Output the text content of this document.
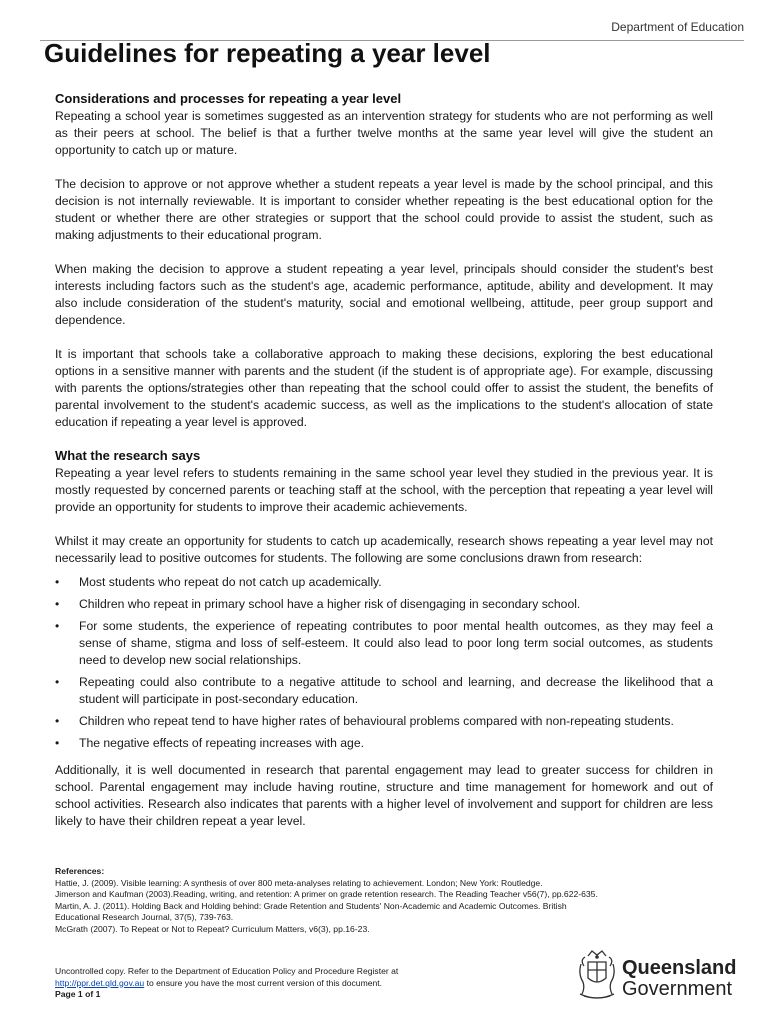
Department of Education
Guidelines for repeating a year level
Considerations and processes for repeating a year level

Repeating a school year is sometimes suggested as an intervention strategy for students who are not performing as well as their peers at school. The belief is that a further twelve months at the same year level will give the student an opportunity to catch up or mature.

The decision to approve or not approve whether a student repeats a year level is made by the school principal, and this decision is not internally reviewable. It is important to consider whether repeating is the best educational option for the student or whether there are other strategies or support that the school could provide to assist the student, such as making adjustments to their educational program.

When making the decision to approve a student repeating a year level, principals should consider the student's best interests including factors such as the student's age, academic performance, aptitude, ability and development. It may also include consideration of the student's maturity, social and emotional wellbeing, attitude, peer group support and dependence.

It is important that schools take a collaborative approach to making these decisions, exploring the best educational options in a sensitive manner with parents and the student (if the student is of appropriate age). For example, discussing with parents the options/strategies other than repeating that the school could offer to assist the student, the benefits of parental involvement to the student's academic success, as well as the implications to the student's allocation of state education if repeating a year level is approved.

What the research says

Repeating a year level refers to students remaining in the same school year level they studied in the previous year. It is mostly requested by concerned parents or teaching staff at the school, with the perception that repeating a year level will provide an opportunity for students to improve their academic achievements.

Whilst it may create an opportunity for students to catch up academically, research shows repeating a year level may not necessarily lead to positive outcomes for students. The following are some conclusions drawn from research:

• Most students who repeat do not catch up academically.
• Children who repeat in primary school have a higher risk of disengaging in secondary school.
• For some students, the experience of repeating contributes to poor mental health outcomes, as they may feel a sense of shame, stigma and loss of self-esteem. It could also lead to poor long term social outcomes, as students need to develop new social relationships.
• Repeating could also contribute to a negative attitude to school and learning, and decrease the likelihood that a student will participate in post-secondary education.
• Children who repeat tend to have higher rates of behavioural problems compared with non-repeating students.
• The negative effects of repeating increases with age.

Additionally, it is well documented in research that parental engagement may lead to greater success for children in school. Parental engagement may include having routine, structure and time management for homework and out of school activities. Research also indicates that parents with a higher level of involvement and support for children are less likely to have their children repeat a year level.

References:
Hattie, J. (2009). Visible learning: A synthesis of over 800 meta-analyses relating to achievement. London; New York: Routledge.
Jimerson and Kaufman (2003).Reading, writing, and retention: A primer on grade retention research. The Reading Teacher v56(7), pp.622-635.
Martin, A. J. (2011). Holding Back and Holding behind: Grade Retention and Students' Non-Academic and Academic Outcomes. British
Educational Research Journal, 37(5), 739-763.
McGrath (2007). To Repeat or Not to Repeat? Curriculum Matters, v6(3), pp.16-23.
Uncontrolled copy. Refer to the Department of Education Policy and Procedure Register at
http://ppr.det.qld.gov.au to ensure you have the most current version of this document.
Page 1 of 1
Queensland
Government
